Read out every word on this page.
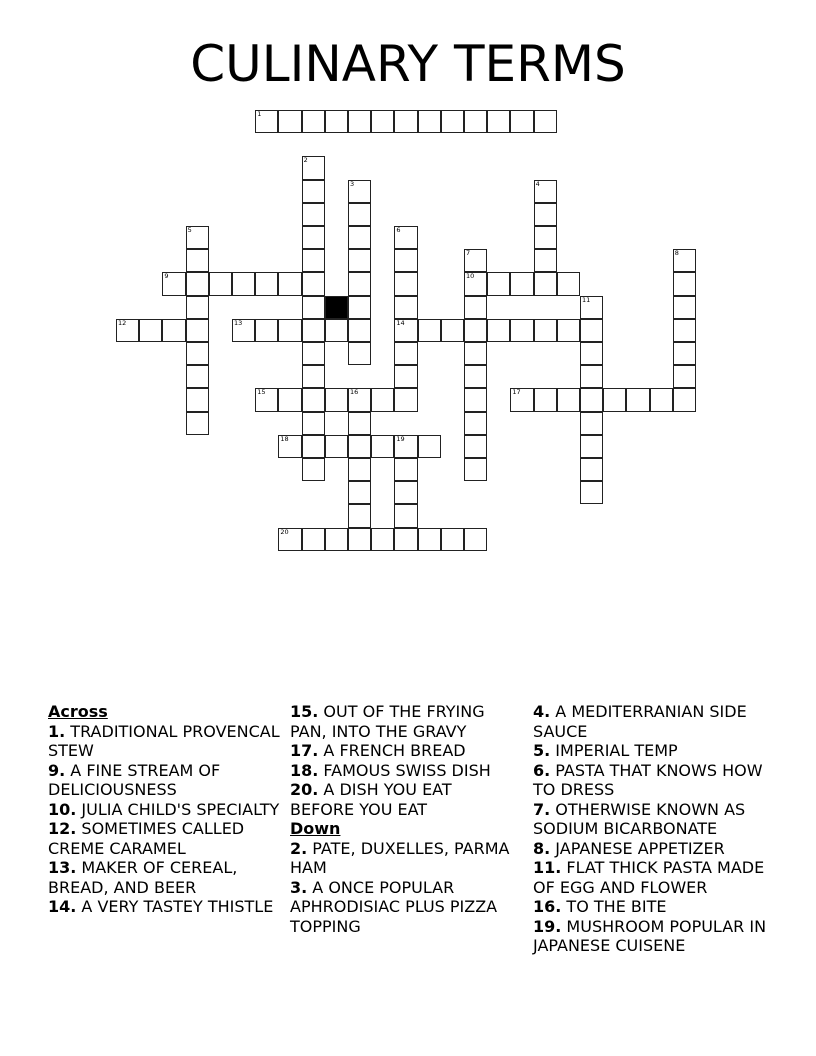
CULINARY TERMS
1
2
3	4
5	6
14
7
10
8
9
11
12	13
15	16	17
18	19
20
Across
1. TRADITIONAL PROVENCAL STEW
9. A FINE STREAM OF DELICIOUSNESS
10. JULIA CHILD'S SPECIALTY
12. SOMETIMES CALLED CREME CARAMEL
13. MAKER OF CEREAL, BREAD, AND BEER
14. A VERY TASTEY THISTLE
15. OUT OF THE FRYING PAN, INTO THE GRAVY
17. A FRENCH BREAD
18. FAMOUS SWISS DISH
20. A DISH YOU EAT BEFORE YOU EAT
Down
2. PATE, DUXELLES, PARMA HAM
3. A ONCE POPULAR APHRODISIAC PLUS PIZZA TOPPING
4. A MEDITERRANIAN SIDE SAUCE
5. IMPERIAL TEMP
6. PASTA THAT KNOWS HOW TO DRESS
7. OTHERWISE KNOWN AS SODIUM BICARBONATE
8. JAPANESE APPETIZER
11. FLAT THICK PASTA MADE OF EGG AND FLOWER
16. TO THE BITE
19. MUSHROOM POPULAR IN JAPANESE CUISENE
